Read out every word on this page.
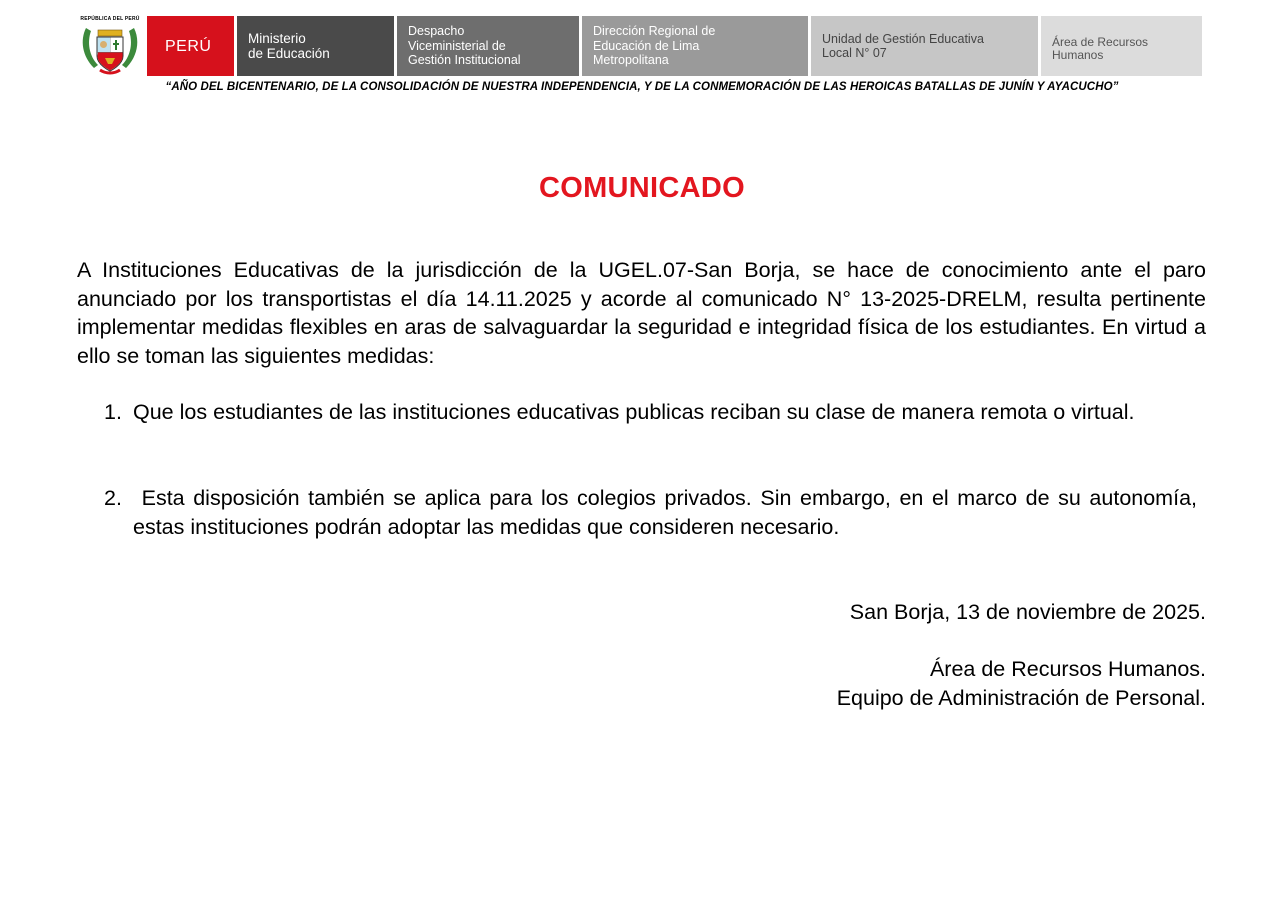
REPÚBLICA DEL PERÚ
PERÚ	Ministerio
de Educación
Despacho
Viceministerial de
Gestión Institucional
Dirección Regional de
Educación de Lima
Metropolitana
Unidad de Gestión Educativa
Local N° 07
Área de Recursos
Humanos
“AÑO DEL BICENTENARIO, DE LA CONSOLIDACIÓN DE NUESTRA INDEPENDENCIA, Y DE LA CONMEMORACIÓN DE LAS HEROICAS BATALLAS DE JUNÍN Y AYACUCHO”
COMUNICADO

A Instituciones Educativas de la jurisdicción de la UGEL.07-San Borja, se hace de conocimiento ante el paro anunciado por los transportistas el día 14.11.2025 y acorde al comunicado N° 13-2025-DRELM, resulta pertinente implementar medidas flexibles en aras de salvaguardar la seguridad e integridad física de los estudiantes. En virtud a ello se toman las siguientes medidas:

1. Que los estudiantes de las instituciones educativas publicas reciban su clase de manera remota o virtual.
2. Esta disposición también se aplica para los colegios privados. Sin embargo, en el marco de su autonomía, estas instituciones podrán adoptar las medidas que consideren necesario.
San Borja, 13 de noviembre de 2025.
Área de Recursos Humanos.
Equipo de Administración de Personal.
